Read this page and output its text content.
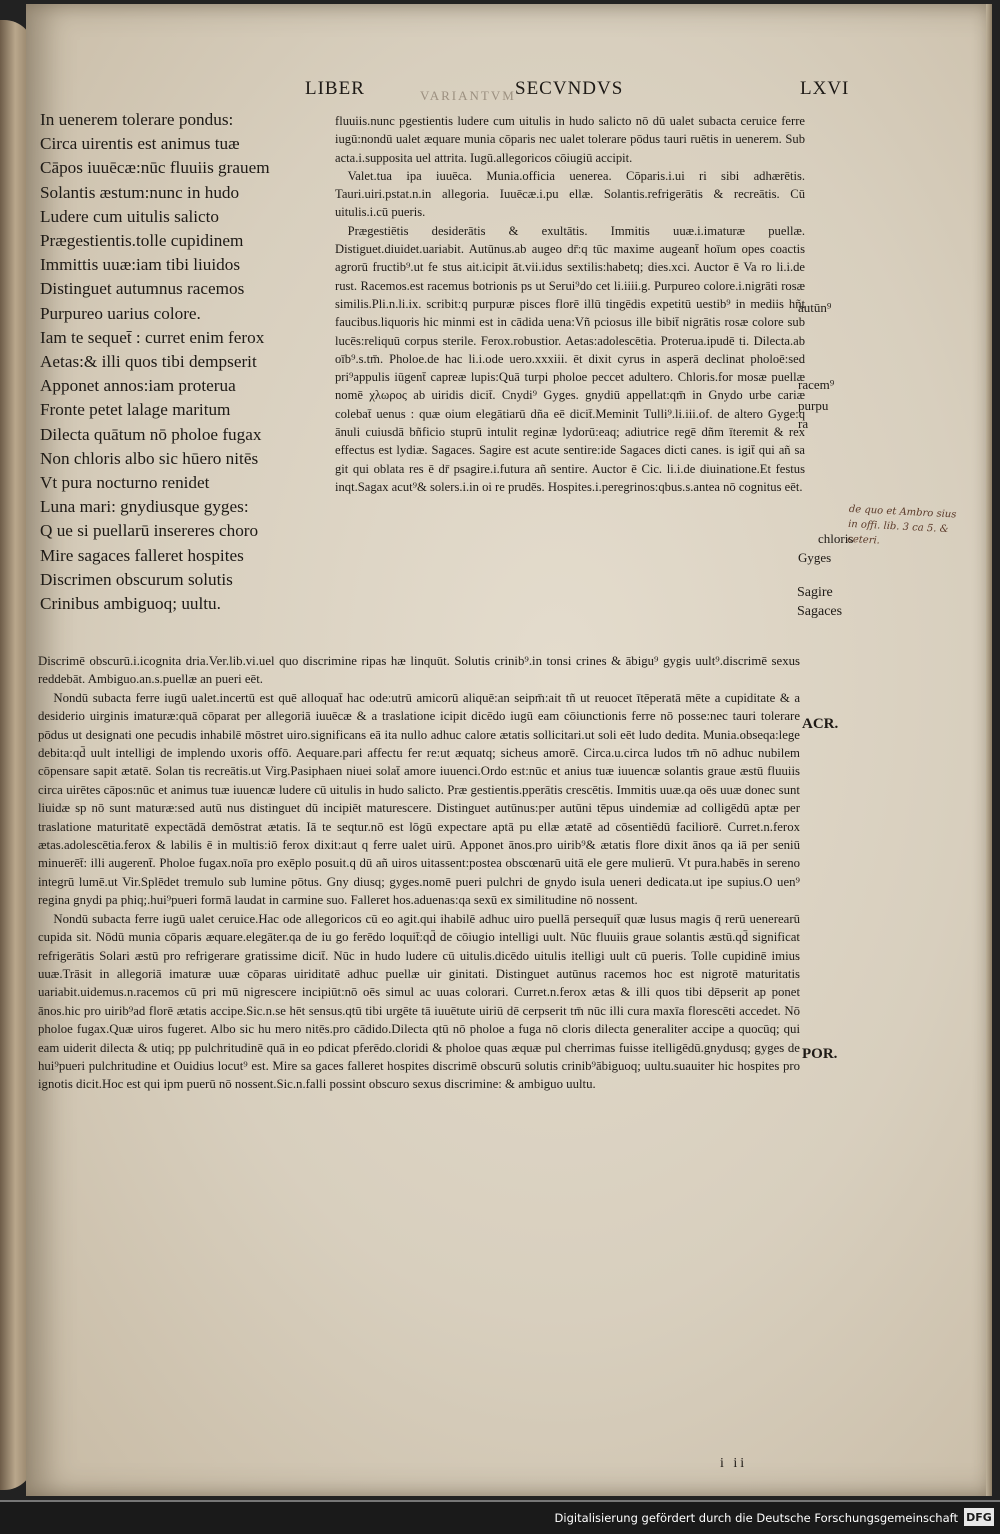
VARIANTVM
LIBER	SECVNDVS	LXVI
In uenerem tolerare pondus:
Circa uirentis est animus tuæ
Cāpos iuuēcæ:nūc fluuiis grauem
Solantis æstum:nunc in hudo
Ludere cum uitulis salicto
Prægestientis.tolle cupidinem
Immittis uuæ:iam tibi liuidos
Distinguet autumnus racemos
Purpureo uarius colore.
Iam te sequet̄ : curret enim ferox
Aetas:& illi quos tibi dempserit
Apponet annos:iam proterua
Fronte petet lalage maritum
Dilecta quātum nō pholoe fugax
Non chloris albo sic hūero nitēs
Vt pura nocturno renidet
Luna mari: gnydiusque gyges:
Q ue si puellarū insereres choro
Mire sagaces falleret hospites
Discrimen obscurum solutis
Crinibus ambiguoq; uultu.

fluuiis.nunc pgestientis ludere cum uitulis in hudo salicto nō dū ualet subacta ceruice ferre iugū:nondū ualet æquare munia cōparis nec ualet tolerare pōdus tauri ruētis in uenerem. Sub acta.i.supposita uel attrita. Iugū.allegoricos cōiugiū accipit.

Valet.tua ipa iuuēca. Munia.officia uenerea. Cōparis.i.ui ri sibi adhærētis. Tauri.uiri.pstat.n.in allegoria. Iuuēcæ.i.pu ellæ. Solantis.refrigerātis & recreātis. Cū uitulis.i.cū pueris.

Prægestiētis desiderātis & exultātis. Immitis uuæ.i.imaturæ puellæ. Distiguet.diuidet.uariabit. Autūnus.ab augeo dr̄:q tūc maxime augeant̄ hoīum opes coactis agrorū fructib⁹.ut fe stus ait.icipit āt.vii.idus sextilis:habetq; dies.xci. Auctor ē Va ro li.i.de rust. Racemos.est racemus botrionis ps ut Serui⁹do cet li.iiii.g. Purpureo colore.i.nigrāti rosæ similis.Pli.n.li.ix. scribit:q purpuræ pisces florē illū tingēdis expetitū uestib⁹ in mediis hñt faucibus.liquoris hic minmi est in cādida uena:Vñ pciosus ille bibit̄ nigrātis rosæ colore sub lucēs:reliquū corpus sterile. Ferox.robustior. Aetas:adolescētia. Proterua.ipudē ti. Dilecta.ab oīb⁹.s.tm̄. Pholoe.de hac li.i.ode uero.xxxiii. ēt dixit cyrus in asperā declinat pholoē:sed pri⁹appulis iūgent̄ capreæ lupis:Quā turpi pholoe peccet adultero. Chloris.for mosæ puellæ nomē χλωρος ab uiridis dicit̄. Cnydi⁹ Gyges. gnydiū appellat:qm̄ in Gnydo urbe cariæ colebat̄ uenus : quæ oium elegātiarū dña eē dicit̄.Meminit Tulli⁹.li.iii.of. de altero Gyge:q ānuli cuiusdā bñficio stuprū intulit reginæ lydorū:eaq; adiutrice regē dñm īteremit & rex effectus est lydiæ. Sagaces. Sagire est acute sentire:ide Sagaces dicti canes. is igit̄ qui añ sa git qui oblata res ē dr̄ psagire.i.futura añ sentire. Auctor ē Cic. li.i.de diuinatione.Et festus inqt.Sagax acut⁹& solers.i.in oi re prudēs. Hospites.i.peregrinos:qbus.s.antea nō cognitus eēt.

autūn⁹
racem⁹
purpu
ra
chloris
Gyges
de quo et Ambro sius in offi. lib. 3 ca 5. & ceteri.
Sagire
Sagaces

Discrimē obscurū.i.icognita dria.Ver.lib.vi.uel quo discrimine ripas hæ linquūt. Solutis crinib⁹.in tonsi crines & ābigu⁹ gygis uult⁹.discrimē sexus reddebāt. Ambiguo.an.s.puellæ an pueri eēt.

Nondū subacta ferre iugū ualet.incertū est quē alloquat̄ hac ode:utrū amicorū aliquē:an seipm̄:ait tñ ut reuocet ītēperatā mēte a cupiditate & a desiderio uirginis imaturæ:quā cōparat per allegoriā iuuēcæ & a traslatione icipit dicēdo iugū eam cōiunctionis ferre nō posse:nec tauri tolerare pōdus ut designati one pecudis inhabilē mōstret uiro.significans eā ita nullo adhuc calore ætatis sollicitari.ut soli eēt ludo dedita. Munia.obseqa:lege debita:qd̄ uult intelligi de implendo uxoris offō. Aequare.pari affectu fer re:ut æquatq; sicheus amorē. Circa.u.circa ludos tm̄ nō adhuc nubilem cōpensare sapit ætatē. Solan tis recreātis.ut Virg.Pasiphaen niuei solat̄ amore iuuenci.Ordo est:nūc et anius tuæ iuuencæ solantis graue æstū fluuiis circa uirētes cāpos:nūc et animus tuæ iuuencæ ludere cū uitulis in hudo salicto. Præ gestientis.pperātis crescētis. Immitis uuæ.qa oēs uuæ donec sunt liuidæ sp nō sunt maturæ:sed autū nus distinguet dū incipiēt maturescere. Distinguet autūnus:per autūni tēpus uindemiæ ad colligēdū aptæ per traslatione maturitatē expectādā demōstrat ætatis. Iā te seqtur.nō est lōgū expectare aptā pu ellæ ætatē ad cōsentiēdū faciliorē. Curret.n.ferox ætas.adolescētia.ferox & labilis ē in multis:iō ferox dixit:aut q ferre ualet uirū. Apponet ānos.pro uirib⁹& ætatis flore dixit ānos qa iā per seniū minuerēt̄: illi augerent̄. Pholoe fugax.noīa pro exēplo posuit.q dū añ uiros uitassent:postea obscœnarū uitā ele gere mulierū. Vt pura.habēs in sereno integrū lumē.ut Vir.Splēdet tremulo sub lumine pōtus. Gny diusq; gyges.nomē pueri pulchri de gnydo isula ueneri dedicata.ut ipe supius.O uen⁹ regina gnydi pa phiq;.hui⁹pueri formā laudat in carmine suo. Falleret hos.aduenas:qa sexū ex similitudine nō nossent.

Nondū subacta ferre iugū ualet ceruice.Hac ode allegoricos cū eo agit.qui ihabilē adhuc uiro puellā persequit̄ quæ lusus magis q̄ rerū uenerearū cupida sit. Nōdū munia cōparis æquare.elegāter.qa de iu go ferēdo loquit̄:qd̄ de cōiugio intelligi uult. Nūc fluuiis graue solantis æstū.qd̄ significat refrigerātis Solari æstū pro refrigerare gratissime dicit̄. Nūc in hudo ludere cū uitulis.dicēdo uitulis itelligi uult cū pueris. Tolle cupidinē imius uuæ.Trāsit in allegoriā imaturæ uuæ cōparas uiriditatē adhuc puellæ uir ginitati. Distinguet autūnus racemos hoc est nigrotē maturitatis uariabit.uidemus.n.racemos cū pri mū nigrescere incipiūt:nō oēs simul ac uuas colorari. Curret.n.ferox ætas & illi quos tibi dēpserit ap ponet ānos.hic pro uirib⁹ad florē ætatis accipe.Sic.n.se hēt sensus.qtū tibi urgēte tā iuuētute uiriū dē cerpserit tm̄ nūc illi cura maxīa florescēti accedet. Nō pholoe fugax.Quæ uiros fugeret. Albo sic hu mero nitēs.pro cādido.Dilecta qtū nō pholoe a fuga nō cloris dilecta generaliter accipe a quocūq; qui eam uiderit dilecta & utiq; pp pulchritudinē quā in eo pdicat pferēdo.cloridi & pholoe quas æquæ pul cherrimas fuisse itelligēdū.gnydusq; gyges de hui⁹pueri pulchritudine et Ouidius locut⁹ est. Mire sa gaces falleret hospites discrimē obscurū solutis crinib⁹ābiguoq; uultu.suauiter hic hospites pro ignotis dicit.Hoc est qui ipm puerū nō nossent.Sic.n.falli possint obscuro sexus discrimine: & ambiguo uultu.

ACR.
POR.
i ii
Digitalisierung gefördert durch die Deutsche Forschungsgemeinschaft DFG
